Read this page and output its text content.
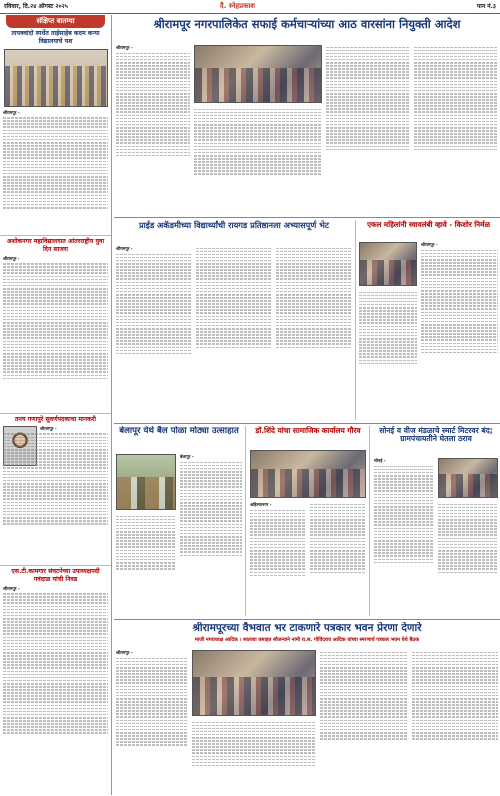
रविवार, दि.२४ ऑगस्ट २०२५	दै. स्नेहप्रकाश	पान नं.३
संक्षिप्त बातम्या
तायक्वांदो स्पर्धेत ताईसाहेब कदम कन्या विद्यालयाचे यश
श्रीरामपूर -
अशोकनगर महाविद्यालयात आंतरराष्ट्रीय युवा दिन साजरा
श्रीरामपूर -
तनय गणापुरे सुवर्णपदकाचा मानकरी
श्रीरामपूर -
एस.टी.कामगार संघटनेच्या उपाध्यक्षपदी गवंदाळ यांची निवड
श्रीरामपूर -
श्रीरामपूर नगरपालिकेत सफाई कर्मचाऱ्यांच्या आठ वारसांना नियुक्ती आदेश
श्रीरामपूर -
प्राईड अकॅडमीच्या विद्यार्थ्यांची रायगड प्रतिष्ठानला अभ्यासपूर्ण भेट
श्रीरामपूर -
एकल महिलांनी स्वावलंबी व्हावे - किशोर निर्मळ
श्रीरामपूर -
बेलापूर येथे बैल पोळा मोठ्या उत्साहात
बेलापूर -
डॉ.शिंदे यांचा सामाजिक कार्यालय गौरव
अहिल्यानगर -
सोनई व वीज मंडळाचे स्मार्ट मिटरवर बंद; ग्रामपंचायतीने घेतला ठराव
सोनई -
श्रीरामपूरच्या वैभवात भर टाकणारे पत्रकार भवन प्रेरणा देणारे
माजी नगराध्यक्ष आदिक । सातव्या वसाहत सौजन्याने नामी रा.स. गोविंदराव आदिक यांच्या स्मरणार्थ पत्रकार भवन येथे बैठक
श्रीरामपूर -
